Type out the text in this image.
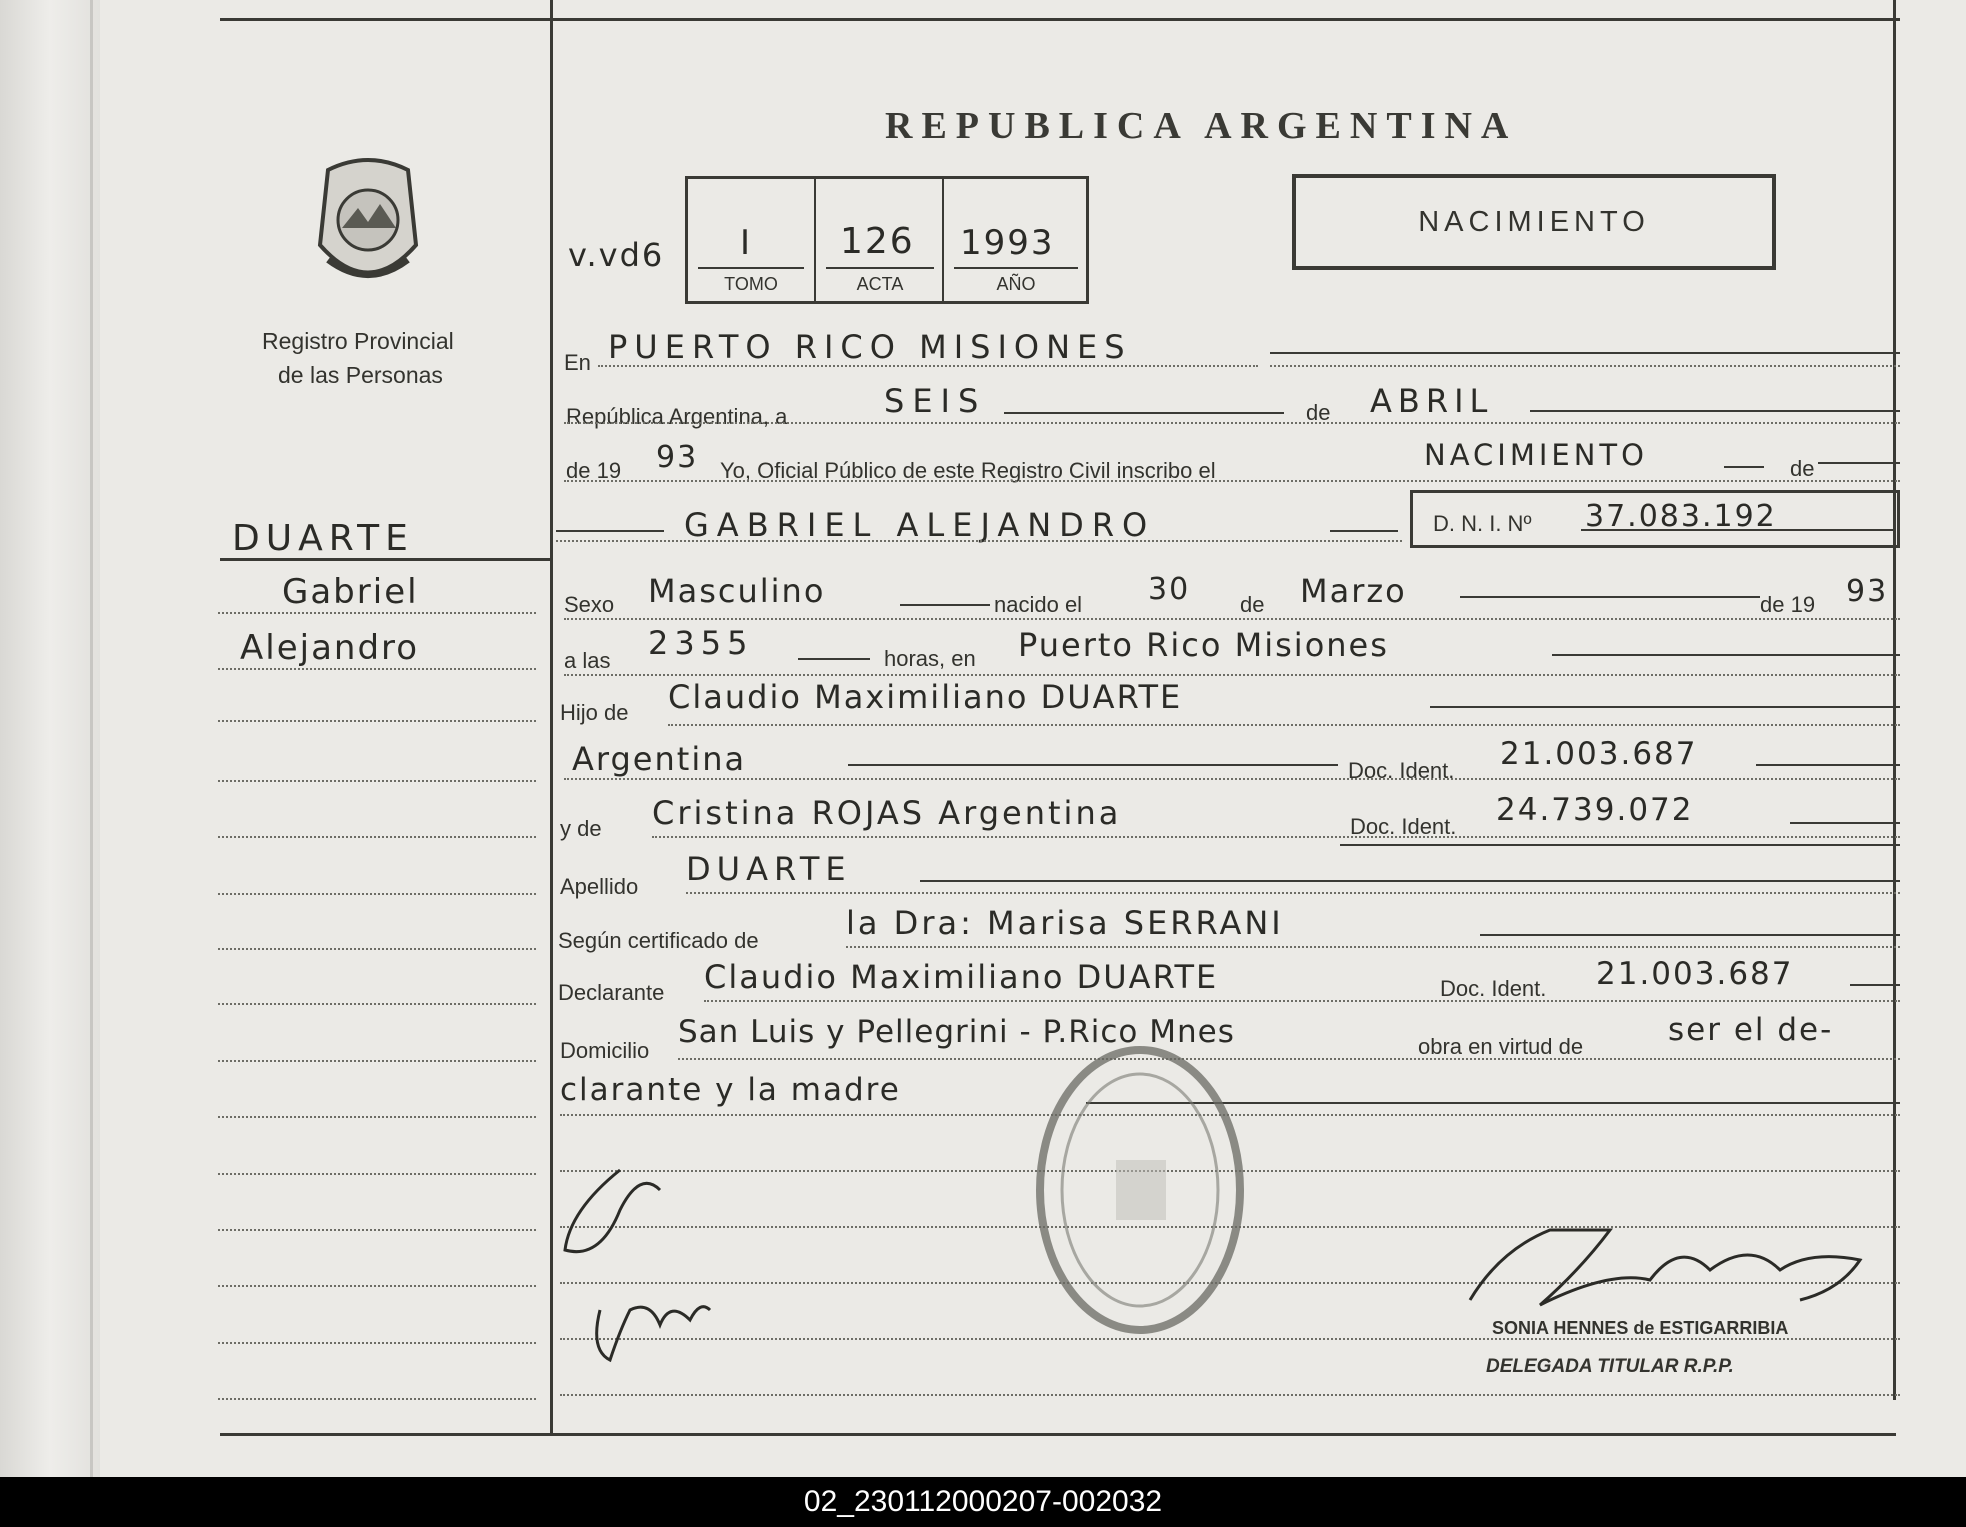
Registro Provincial
de las Personas
DUARTE
Gabriel
Alejandro
REPUBLICA ARGENTINA
v.vd6 I
TOMO
126
ACTA
1993
AÑO
NACIMIENTO
En PUERTO RICO MISIONES
República Argentina, a	SEIS	de ABRIL
de 19 93 Yo, Oficial Público de este Registro Civil inscribo el	NACIMIENTO	de
GABRIEL ALEJANDRO	D. N. I. Nº 37.083.192
Sexo Masculino	nacido el 30 de Marzo	de 19 93
a las 2355	horas, en Puerto Rico Misiones
Hijo de Claudio Maximiliano DUARTE
Argentina	Doc. Ident. 21.003.687
y de Cristina ROJAS Argentina	Doc. Ident. 24.739.072
Apellido DUARTE
Según certificado de	la Dra: Marisa SERRANI
Declarante Claudio Maximiliano DUARTE	Doc. Ident. 21.003.687
Domicilio
San Luis y Pellegrini - P.Rico Mnes	obra en virtud de	ser el de-
clarante y la madre
SONIA HENNES de ESTIGARRIBIA
DELEGADA TITULAR R.P.P.
02_230112000207-002032
